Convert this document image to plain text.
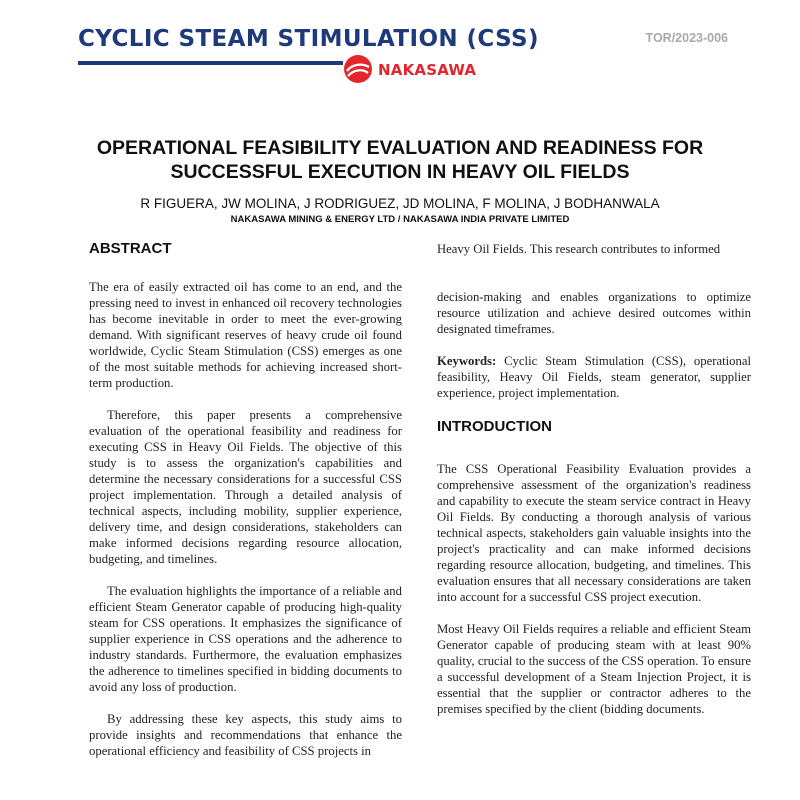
CYCLIC STEAM STIMULATION (CSS)	TOR/2023-006
NAKASAWA
OPERATIONAL FEASIBILITY EVALUATION AND READINESS FOR
SUCCESSFUL EXECUTION IN HEAVY OIL FIELDS
R FIGUERA, JW MOLINA, J RODRIGUEZ, JD MOLINA, F MOLINA, J BODHANWALA
NAKASAWA MINING & ENERGY LTD / NAKASAWA INDIA PRIVATE LIMITED
ABSTRACT

The era of easily extracted oil has come to an end, and the pressing need to invest in enhanced oil recovery technologies has become inevitable in order to meet the ever-growing demand. With significant reserves of heavy crude oil found worldwide, Cyclic Steam Stimulation (CSS) emerges as one of the most suitable methods for achieving increased short-term production.

Therefore, this paper presents a comprehensive evaluation of the operational feasibility and readiness for executing CSS in Heavy Oil Fields. The objective of this study is to assess the organization's capabilities and determine the necessary considerations for a successful CSS project implementation. Through a detailed analysis of technical aspects, including mobility, supplier experience, delivery time, and design considerations, stakeholders can make informed decisions regarding resource allocation, budgeting, and timelines.

The evaluation highlights the importance of a reliable and efficient Steam Generator capable of producing high-quality steam for CSS operations. It emphasizes the significance of supplier experience in CSS operations and the adherence to industry standards. Furthermore, the evaluation emphasizes the adherence to timelines specified in bidding documents to avoid any loss of production.

By addressing these key aspects, this study aims to provide insights and recommendations that enhance the operational efficiency and feasibility of CSS projects in

Heavy Oil Fields. This research contributes to informed

decision-making and enables organizations to optimize resource utilization and achieve desired outcomes within designated timeframes.

Keywords: Cyclic Steam Stimulation (CSS), operational feasibility, Heavy Oil Fields, steam generator, supplier experience, project implementation.

INTRODUCTION

The CSS Operational Feasibility Evaluation provides a comprehensive assessment of the organization's readiness and capability to execute the steam service contract in Heavy Oil Fields. By conducting a thorough analysis of various technical aspects, stakeholders gain valuable insights into the project's practicality and can make informed decisions regarding resource allocation, budgeting, and timelines. This evaluation ensures that all necessary considerations are taken into account for a successful CSS project execution.

Most Heavy Oil Fields requires a reliable and efficient Steam Generator capable of producing steam with at least 90% quality, crucial to the success of the CSS operation. To ensure a successful development of a Steam Injection Project, it is essential that the supplier or contractor adheres to the premises specified by the client (bidding documents.
